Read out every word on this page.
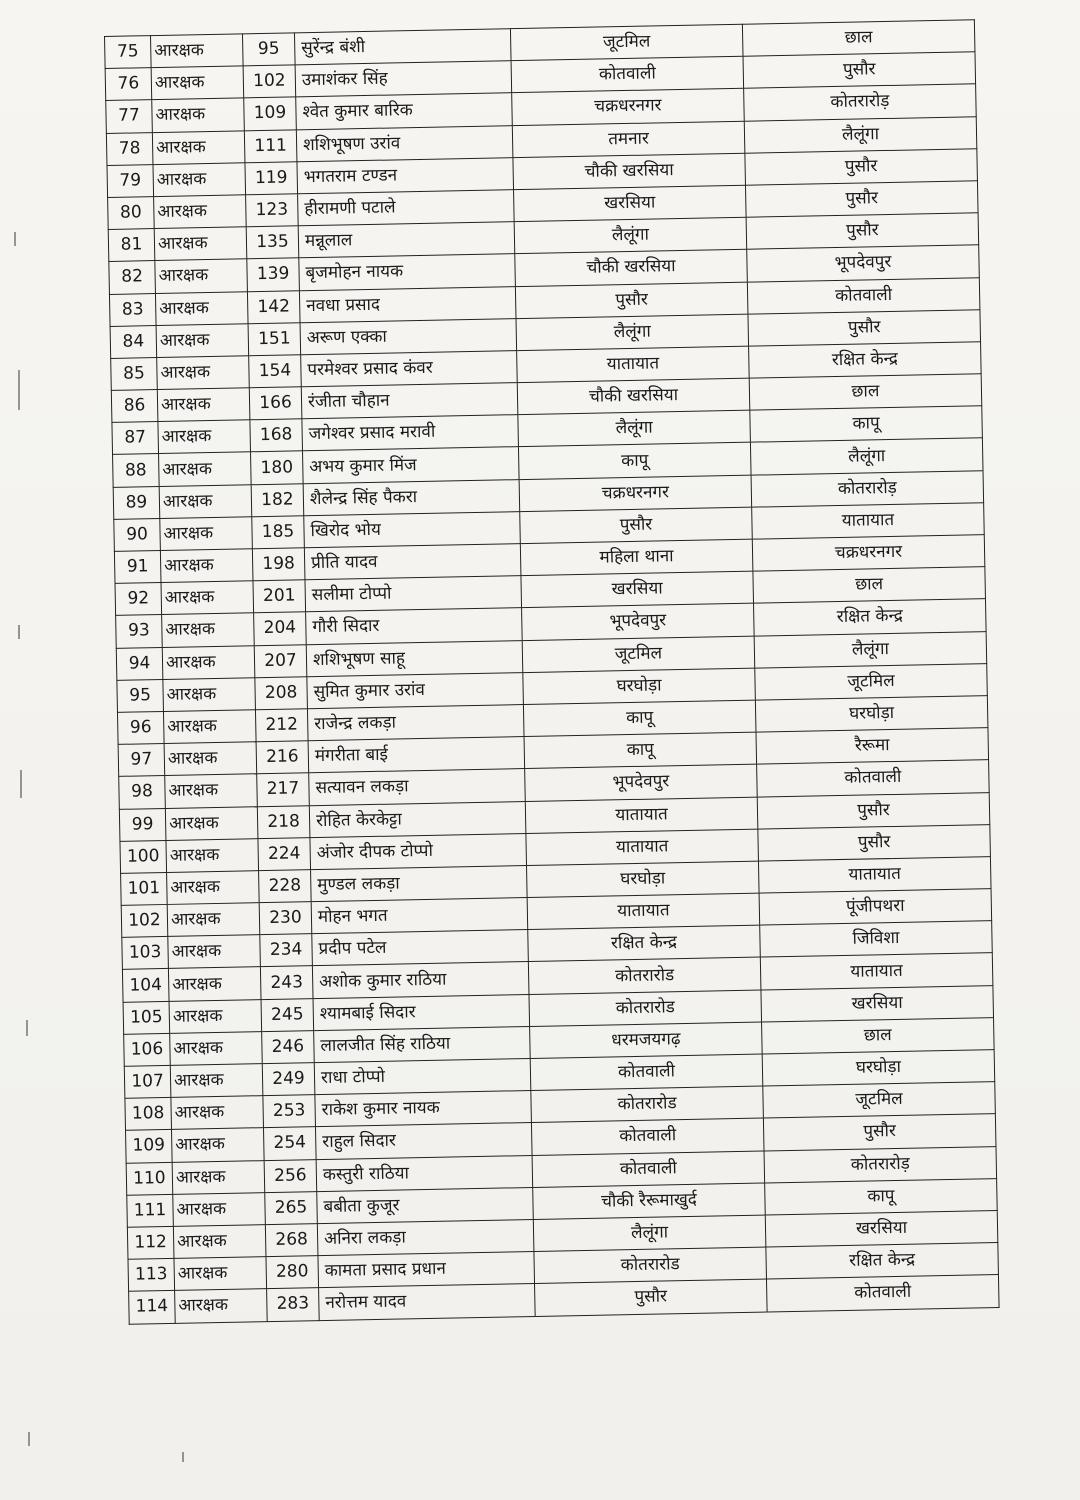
75	आरक्षक	95	सुरेंन्द्र बंशी	जूटमिल	छाल
76	आरक्षक	102	उमाशंकर सिंह	कोतवाली	पुसौर
77	आरक्षक	109	श्वेत कुमार बारिक	चक्रधरनगर	कोतरारोड़
78	आरक्षक	111	शशिभूषण उरांव	तमनार	लैलूंगा
79	आरक्षक	119	भगतराम टण्डन	चौकी खरसिया	पुसौर
80	आरक्षक	123	हीरामणी पटाले	खरसिया	पुसौर
81	आरक्षक	135	मन्नूलाल	लैलूंगा	पुसौर
82	आरक्षक	139	बृजमोहन नायक	चौकी खरसिया	भूपदेवपुर
83	आरक्षक	142	नवधा प्रसाद	पुसौर	कोतवाली
84	आरक्षक	151	अरूण एक्का	लैलूंगा	पुसौर
85	आरक्षक	154	परमेश्वर प्रसाद कंवर	यातायात	रक्षित केन्द्र
86	आरक्षक	166	रंजीता चौहान	चौकी खरसिया	छाल
87	आरक्षक	168	जगेश्वर प्रसाद मरावी	लैलूंगा	कापू
88	आरक्षक	180	अभय कुमार मिंज	कापू	लैलूंगा
89	आरक्षक	182	शैलेन्द्र सिंह पैकरा	चक्रधरनगर	कोतरारोड़
90	आरक्षक	185	खिरोद भोय	पुसौर	यातायात
91	आरक्षक	198	प्रीति यादव	महिला थाना	चक्रधरनगर
92	आरक्षक	201	सलीमा टोप्पो	खरसिया	छाल
93	आरक्षक	204	गौरी सिदार	भूपदेवपुर	रक्षित केन्द्र
94	आरक्षक	207	शशिभूषण साहू	जूटमिल	लैलूंगा
95	आरक्षक	208	सुमित कुमार उरांव	घरघोड़ा	जूटमिल
96	आरक्षक	212	राजेन्द्र लकड़ा	कापू	घरघोड़ा
97	आरक्षक	216	मंगरीता बाई	कापू	रैरूमा
98	आरक्षक	217	सत्यावन लकड़ा	भूपदेवपुर	कोतवाली
99	आरक्षक	218	रोहित केरकेट्टा	यातायात	पुसौर
100	आरक्षक	224	अंजोर दीपक टोप्पो	यातायात	पुसौर
101	आरक्षक	228	मुण्डल लकड़ा	घरघोड़ा	यातायात
102	आरक्षक	230	मोहन भगत	यातायात	पूंजीपथरा
103	आरक्षक	234	प्रदीप पटेल	रक्षित केन्द्र	जिविशा
104	आरक्षक	243	अशोक कुमार राठिया	कोतरारोड	यातायात
105	आरक्षक	245	श्यामबाई सिदार	कोतरारोड	खरसिया
106	आरक्षक	246	लालजीत सिंह राठिया	धरमजयगढ़	छाल
107	आरक्षक	249	राधा टोप्पो	कोतवाली	घरघोड़ा
108	आरक्षक	253	राकेश कुमार नायक	कोतरारोड	जूटमिल
109	आरक्षक	254	राहुल सिदार	कोतवाली	पुसौर
110	आरक्षक	256	कस्तुरी राठिया	कोतवाली	कोतरारोड़
111	आरक्षक	265	बबीता कुजूर	चौकी रैरूमाखुर्द	कापू
112	आरक्षक	268	अनिरा लकड़ा	लैलूंगा	खरसिया
113	आरक्षक	280	कामता प्रसाद प्रधान	कोतरारोड	रक्षित केन्द्र
114	आरक्षक	283	नरोत्तम यादव	पुसौर	कोतवाली
